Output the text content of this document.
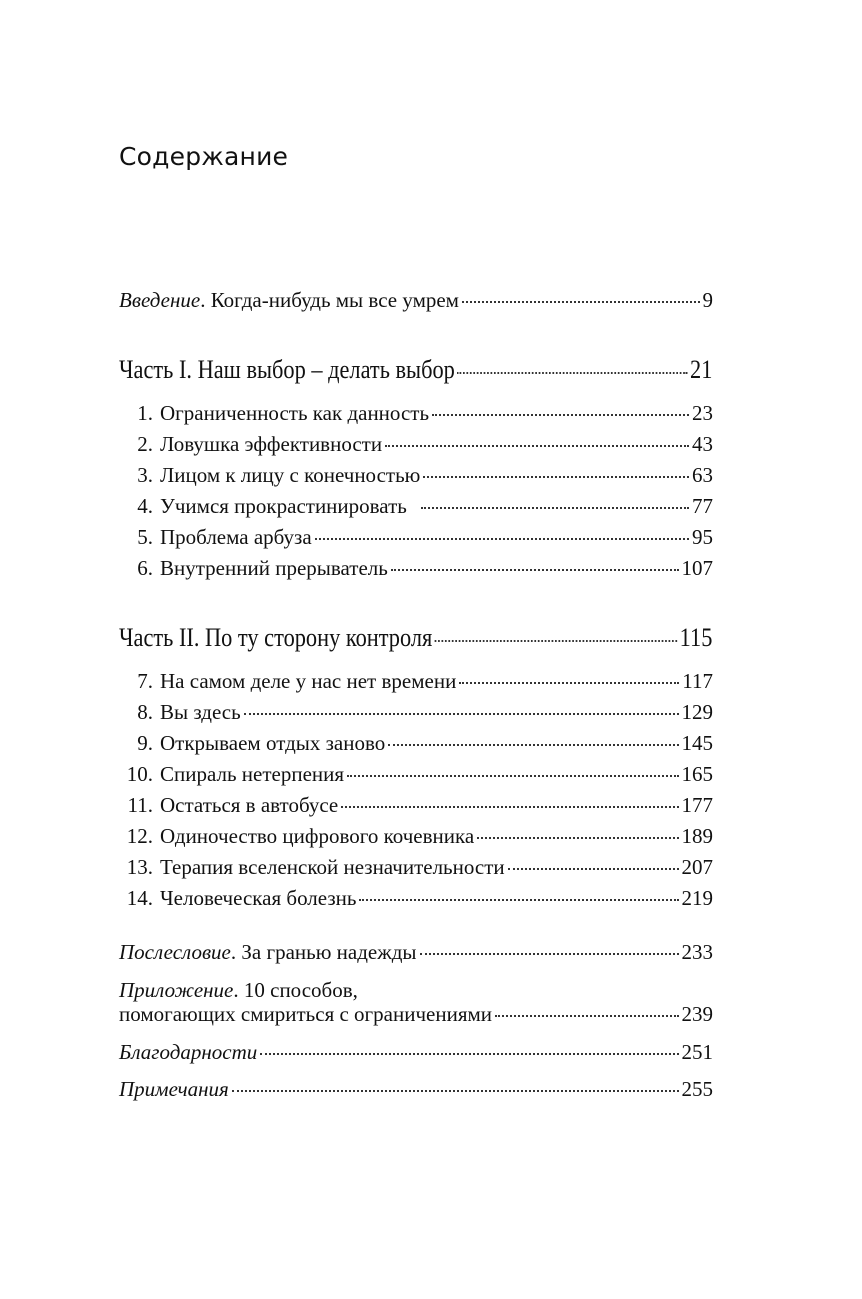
Содержание
Введение. Когда-нибудь мы все умрем	9
Часть I. Наш выбор – делать выбор	21
1. Ограниченность как данность	23
2. Ловушка эффективности	43
3. Лицом к лицу с конечностью	63
4. Учимся прокрастинировать	77
5. Проблема арбуза	95
6. Внутренний прерыватель	107
Часть II. По ту сторону контроля	115
7. На самом деле у нас нет времени	117
8. Вы здесь	129
9. Открываем отдых заново	145
10. Спираль нетерпения	165
11. Остаться в автобусе	177
12. Одиночество цифрового кочевника	189
13. Терапия вселенской незначительности	207
14. Человеческая болезнь	219
Послесловие. За гранью надежды	233
Приложение. 10 способов,
помогающих смириться с ограничениями	239
Благодарности	251
Примечания	255
